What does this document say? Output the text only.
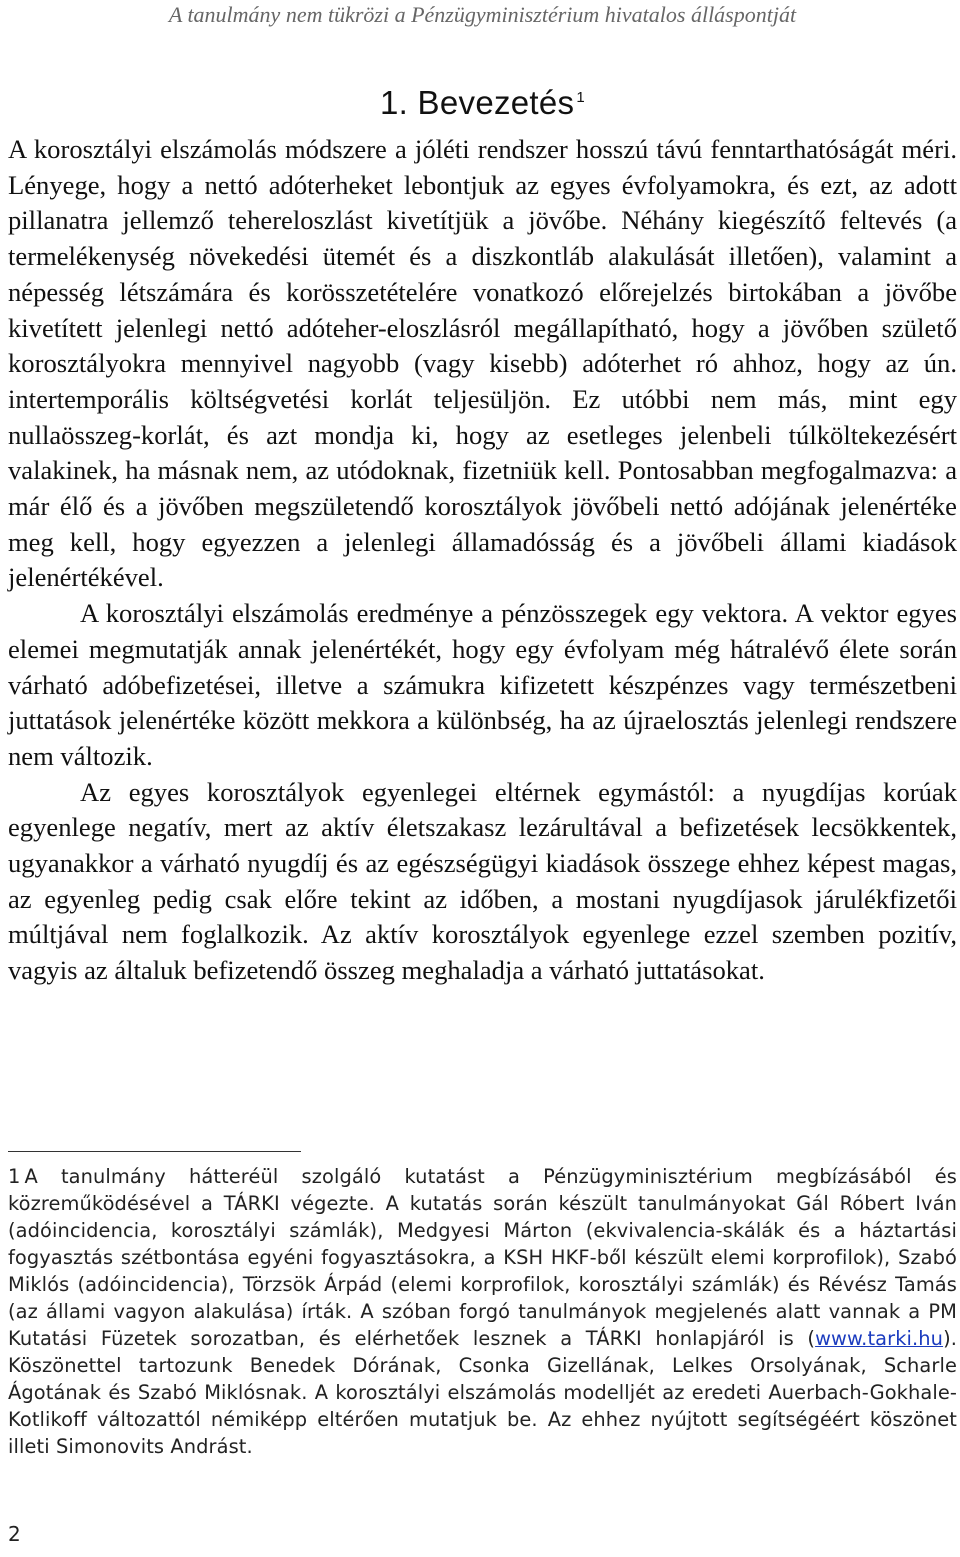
A tanulmány nem tükrözi a Pénzügyminisztérium hivatalos álláspontját
1. Bevezetés $^1$

A korosztályi elszámolás módszere a jóléti rendszer hosszú távú fenntarthatóságát méri. Lényege, hogy a nettó adóterheket lebontjuk az egyes évfolyamokra, és ezt, az adott pillanatra jellemző tehereloszlást kivetítjük a jövőbe. Néhány kiegészítő feltevés (a termelékenység növekedési ütemét és a diszkontláb alakulását illetően), valamint a népesség létszámára és korösszetételére vonatkozó előrejelzés birtokában a jövőbe kivetített jelenlegi nettó adóteher-eloszlásról megállapítható, hogy a jövőben születő korosztályokra mennyivel nagyobb (vagy kisebb) adóterhet ró ahhoz, hogy az ún. intertemporális költségvetési korlát teljesüljön. Ez utóbbi nem más, mint egy nullaösszeg-korlát, és azt mondja ki, hogy az esetleges jelenbeli túlköltekezésért valakinek, ha másnak nem, az utódoknak, fizetniük kell. Pontosabban megfogalmazva: a már élő és a jövőben megszületendő korosztályok jövőbeli nettó adójának jelenértéke meg kell, hogy egyezzen a jelenlegi államadósság és a jövőbeli állami kiadások jelenértékével.

A korosztályi elszámolás eredménye a pénzösszegek egy vektora. A vektor egyes elemei megmutatják annak jelenértékét, hogy egy évfolyam még hátralévő élete során várható adóbefizetései, illetve a számukra kifizetett készpénzes vagy természetbeni juttatások jelenértéke között mekkora a különbség, ha az újraelosztás jelenlegi rendszere nem változik.

Az egyes korosztályok egyenlegei eltérnek egymástól: a nyugdíjas korúak egyenlege negatív, mert az aktív életszakasz lezárultával a befizetések lecsökkentek, ugyanakkor a várható nyugdíj és az egészségügyi kiadások összege ehhez képest magas, az egyenleg pedig csak előre tekint az időben, a mostani nyugdíjasok járulékfizetői múltjával nem foglalkozik. Az aktív korosztályok egyenlege ezzel szemben pozitív, vagyis az általuk befizetendő összeg meghaladja a várható juttatásokat.

1 A tanulmány hátteréül szolgáló kutatást a Pénzügyminisztérium megbízásából és közreműködésével a TÁRKI végezte. A kutatás során készült tanulmányokat Gál Róbert Iván (adóincidencia, korosztályi számlák), Medgyesi Márton (ekvivalencia-skálák és a háztartási fogyasztás szétbontása egyéni fogyasztásokra, a KSH HKF-ből készült elemi korprofilok), Szabó Miklós (adóincidencia), Törzsök Árpád (elemi korprofilok, korosztályi számlák) és Révész Tamás (az állami vagyon alakulása) írták. A szóban forgó tanulmányok megjelenés alatt vannak a PM Kutatási Füzetek sorozatban, és elérhetőek lesznek a TÁRKI honlapjáról is (www.tarki.hu). Köszönettel tartozunk Benedek Dórának, Csonka Gizellának, Lelkes Orsolyának, Scharle Ágotának és Szabó Miklósnak. A korosztályi elszámolás modelljét az eredeti Auerbach-Gokhale-Kotlikoff változattól némiképp eltérően mutatjuk be. Az ehhez nyújtott segítségéért köszönet illeti Simonovits Andrást.
2
